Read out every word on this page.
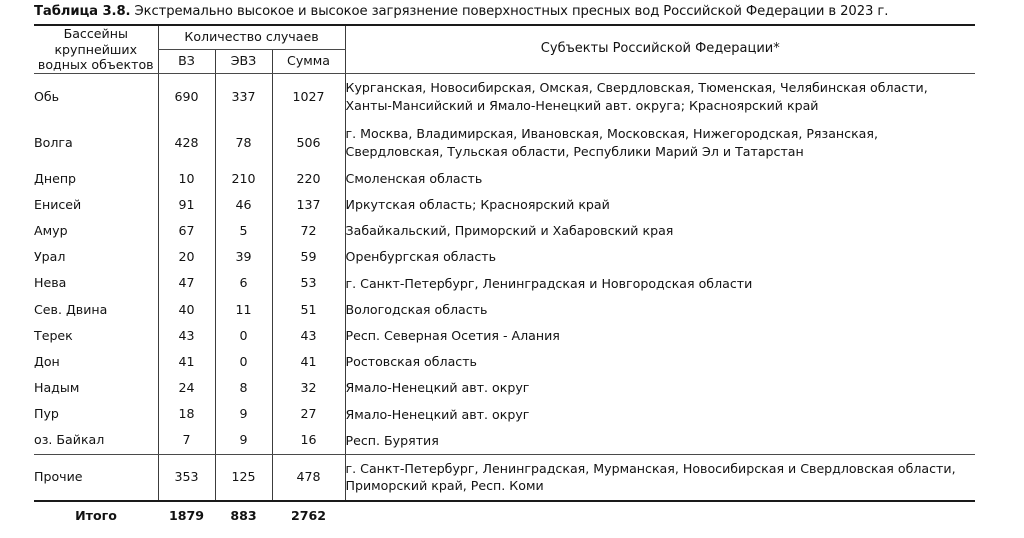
Таблица 3.8. Экстремально высокое и высокое загрязнение поверхностных пресных вод Российской Федерации в 2023 г.

Бассейны крупнейших водных объектов	Количество случаев			Субъекты Российской Федерации*
	ВЗ	ЭВЗ	Сумма	
Обь	690	337	1027	Курганская, Новосибирская, Омская, Свердловская, Тюменская, Челябинская области, Ханты-Мансийский и Ямало-Ненецкий авт. округа; Красноярский край
Волга	428	78	506	г. Москва, Владимирская, Ивановская, Московская, Нижегородская, Рязанская, Свердловская, Тульская области, Республики Марий Эл и Татарстан
Днепр	10	210	220	Смоленская область
Енисей	91	46	137	Иркутская область; Красноярский край
Амур	67	5	72	Забайкальский, Приморский и Хабаровский края
Урал	20	39	59	Оренбургская область
Нева	47	6	53	г. Санкт-Петербург, Ленинградская и Новгородская области
Сев. Двина	40	11	51	Вологодская область
Терек	43	0	43	Респ. Северная Осетия - Алания
Дон	41	0	41	Ростовская область
Надым	24	8	32	Ямало-Ненецкий авт. округ
Пур	18	9	27	Ямало-Ненецкий авт. округ
оз. Байкал	7	9	16	Респ. Бурятия
Прочие	353	125	478	г. Санкт-Петербург, Ленинградская, Мурманская, Новосибирская и Свердловская области, Приморский край, Респ. Коми
Итого	1879	883	2762	
